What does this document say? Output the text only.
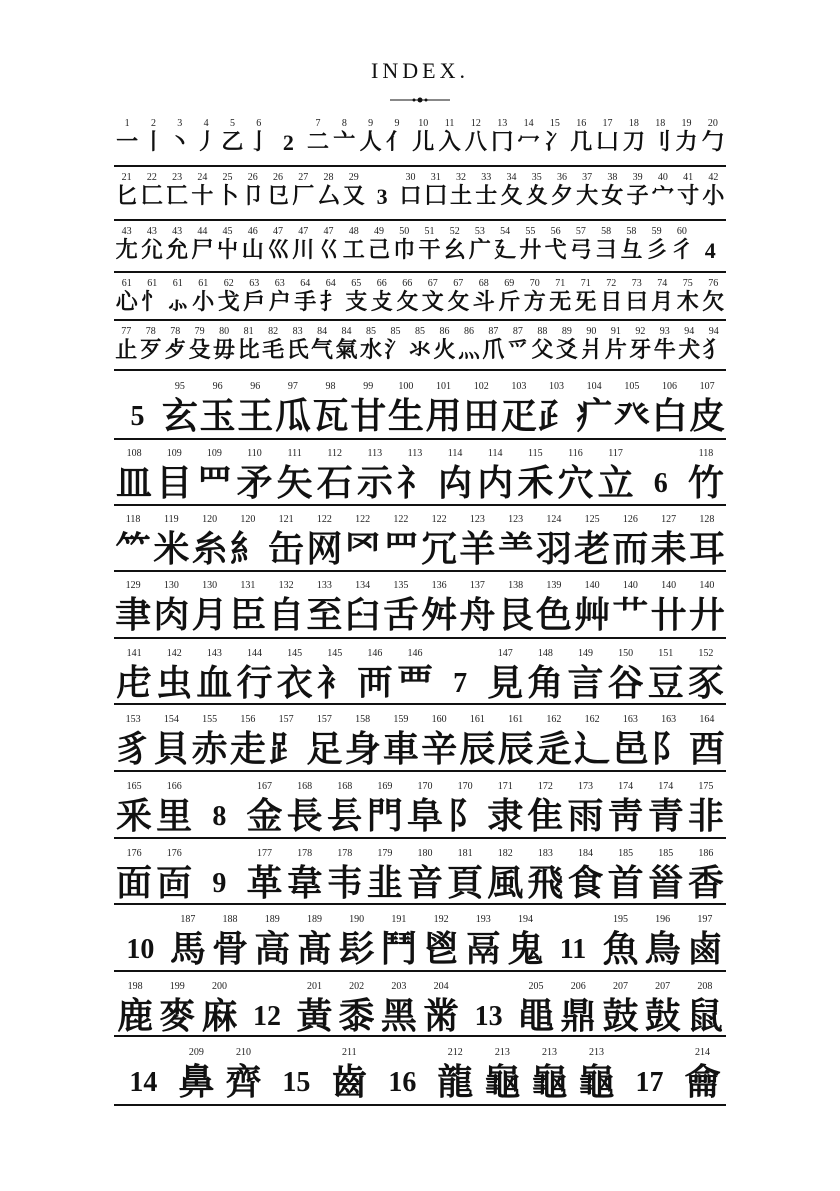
INDEX.
1
一
2
丨
3
丶
4
丿
5
乙
6
亅 2
7
二
8
亠
9
人
9
亻
10
儿
11
入
12
八
13
冂
14
冖
15
冫
16
几
17
凵
18
刀
18
刂
19
力
20
勹
21
匕
22
匚
23
匸
24
十
25
卜
26
卩
26
㔾
27
厂
28
厶
29
又 3
30
口
31
囗
32
土
33
士
34
夂
35
夊
36
夕
37
大
38
女
39
子
40
宀
41
寸
42
小
43
尢
43
尣
43
允
44
尸
45
屮
46
山
47
巛
47
川
47
巜
48
工
49
己
50
巾
51
干
52
幺
53
广
54
廴
55
廾
56
弋
57
弓
58
彐
58
彑
59
彡
60
彳 4
61
心
61
忄
61
⺗
61
小
62
戈
63
戶
63
户
64
手
64
扌
65
支
66
攴
66
攵
67
文
67
攵
68
斗
69
斤
70
方
71
无
71
旡
72
日
73
曰
74
月
75
木
76
欠
77
止
78
歹
78
歺
79
殳
80
毋
81
比
82
毛
83
氏
84
气
84
氣
85
水
85
氵
85
氺
86
火
86
灬
87
爪
87
爫
88
父
89
爻
90
爿
91
片
92
牙
93
牛
94
犬
94
犭
5
95
玄
96
玉
96
王
97
瓜
98
瓦
99
甘
100
生
101
用
102
田
103
疋
103
⺪
104
疒
105
癶
106
白
107
皮
108
皿
109
目
109
罒
110
矛
111
矢
112
石
113
示
113
礻
114
禸
114
内
115
禾
116
穴
117
立 6
118
竹
118
⺮
119
米
120
糸
120
糹
121
缶
122
网
122
罓
122
罒
122
冗
123
羊
123
⺷
124
羽
125
老
126
而
127
耒
128
耳
129
聿
130
肉
130
月
131
臣
132
自
133
至
134
臼
135
舌
136
舛
137
舟
138
艮
139
色
140
艸
140
艹
140
卄
140
廾
141
虍
142
虫
143
血
144
行
145
衣
145
衤
146
襾
146
覀 7
147
見
148
角
149
言
150
谷
151
豆
152
豕
153
豸
154
貝
155
赤
156
走
157
⻊
157
足
158
身
159
車
160
辛
161
辰
161
辰
162
辵
162
辶
163
邑
163
阝
164
酉
165
釆
166
里 8
167
金
168
長
168
镸
169
門
170
阜
170
阝
171
隶
172
隹
173
雨
174
靑
174
青
175
非
176
面
176
靣 9
177
革
178
韋
178
韦
179
韭
180
音
181
頁
182
風
183
飛
184
食
185
首
185
𩠐
186
香
10
187
馬
188
骨
189
高
189
髙
190
髟
191
鬥
192
鬯
193
鬲
194
鬼 11
195
魚
196
鳥
197
鹵
198
鹿
199
麥
200
麻 12
201
黃
202
黍
203
黑
204
黹 13
205
黽
206
鼎
207
鼓
207
鼔
208
鼠
14
209
鼻
210
齊 15
211
齒 16
212
龍
213
龜
213
龜
213
龜 17
214
龠
